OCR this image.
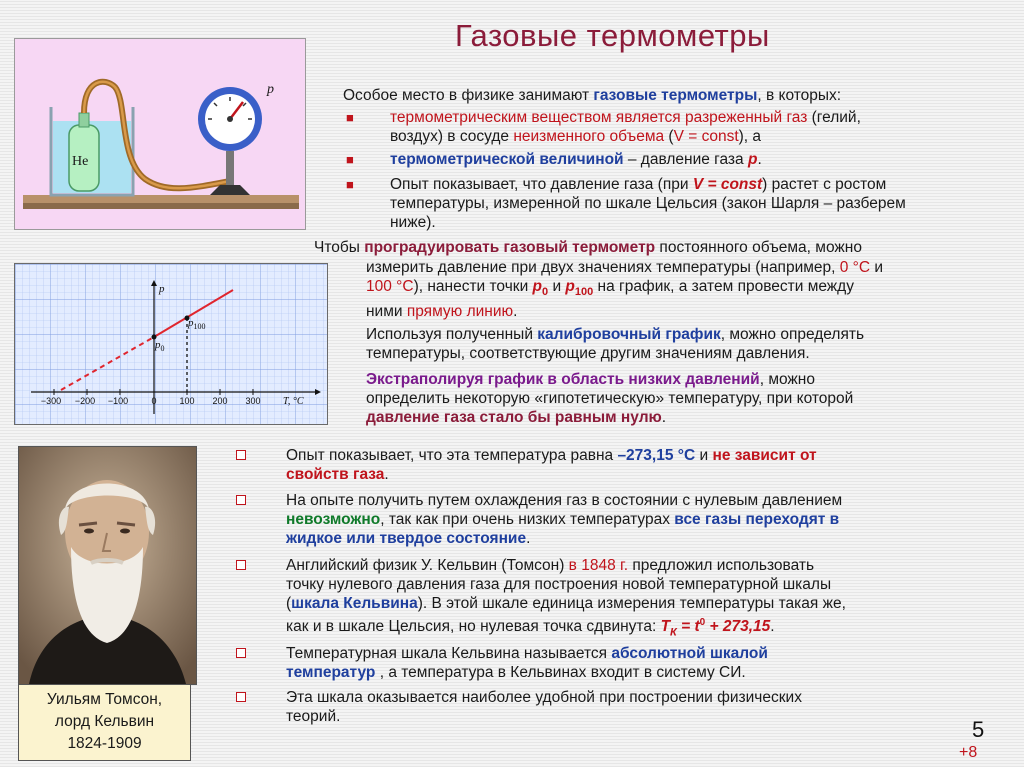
Газовые термометры
He
p
−300 −200 −100	0	100 200 300
p
T, °C
$p_0$
$p_{100}$
Особое место в физике занимают газовые термометры, в которых:
■ термометрическим веществом является разреженный газ (гелий,
воздух) в сосуде неизменного объема (V = const), а
■ термометрической величиной – давление газа р.
■ Опыт показывает, что давление газа (при V = const) растет с ростом
температуры, измеренной по шкале Цельсия (закон Шарля – разберем
ниже).
Чтобы проградуировать газовый термометр постоянного объема, можно
измерить давление при двух значениях температуры (например, 0 °С и
100 °С), нанести точки $р_0$ и $р_{100}$ на график, а затем провести между
ними прямую линию.
Используя полученный калибровочный график, можно определять
температуры, соответствующие другим значениям давления.
Экстраполируя график в область низких давлений, можно
определить некоторую «гипотетическую» температуру, при которой
давление газа стало бы равным нулю.
Уильям Томсон,
лорд Кельвин
1824-1909
Опыт показывает, что эта температура равна –273,15 °С и не зависит от
свойств газа.
На опыте получить путем охлаждения газ в состоянии с нулевым давлением
невозможно, так как при очень низких температурах все газы переходят в
жидкое или твердое состояние.
Английский физик У. Кельвин (Томсон) в 1848 г. предложил использовать
точку нулевого давления газа для построения новой температурной шкалы
(шкала Кельвина). В этой шкале единица измерения температуры такая же,
как и в шкале Цельсия, но нулевая точка сдвинута: $Т_К = t^0 + 273,15$.
Температурная шкала Кельвина называется абсолютной шкалой
температур , а температура в Кельвинах входит в систему СИ.
Эта шкала оказывается наиболее удобной при построении физических
теорий.
5
+8
